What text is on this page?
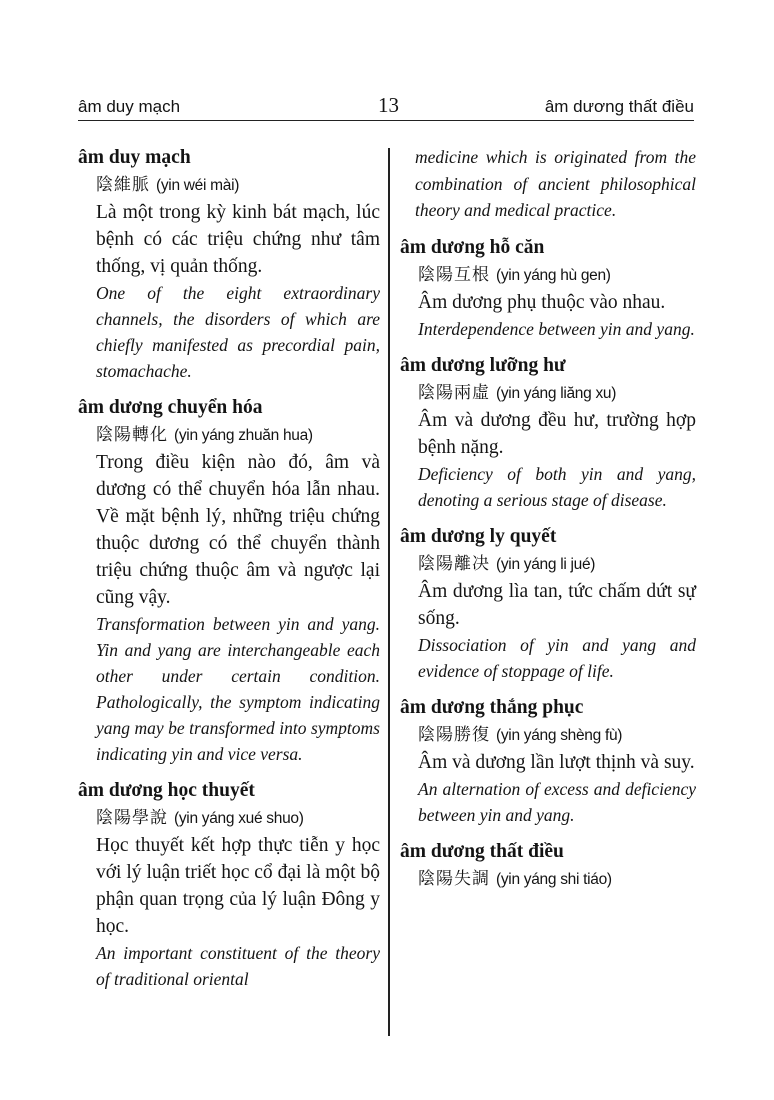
âm duy mạch	13	âm dương thất điều
âm duy mạch
陰維脈 (yin wéi mài)
Là một trong kỳ kinh bát mạch, lúc bệnh có các triệu chứng như tâm thống, vị quản thống.
One of the eight extraordinary channels, the disorders of which are chiefly manifested as precordial pain, stomachache.
âm dương chuyển hóa
陰陽轉化 (yin yáng zhuăn hua)
Trong điều kiện nào đó, âm và dương có thể chuyển hóa lẫn nhau. Về mặt bệnh lý, những triệu chứng thuộc dương có thể chuyển thành triệu chứng thuộc âm và ngược lại cũng vậy.
Transformation between yin and yang. Yin and yang are interchangeable each other under certain condition. Pathologically, the symptom indicating yang may be transformed into symptoms indicating yin and vice versa.
âm dương học thuyết
陰陽學說 (yin yáng xué shuo)
Học thuyết kết hợp thực tiễn y học với lý luận triết học cổ đại là một bộ phận quan trọng của lý luận Đông y học.
An important constituent of the theory of traditional oriental
medicine which is originated from the combination of ancient philosophical theory and medical practice.
âm dương hỗ căn
陰陽互根 (yin yáng hù gen)
Âm dương phụ thuộc vào nhau.
Interdependence between yin and yang.
âm dương lưỡng hư
陰陽兩虛 (yin yáng liăng xu)
Âm và dương đều hư, trường hợp bệnh nặng.
Deficiency of both yin and yang, denoting a serious stage of disease.
âm dương ly quyết
陰陽離决 (yin yáng li jué)
Âm dương lìa tan, tức chấm dứt sự sống.
Dissociation of yin and yang and evidence of stoppage of life.
âm dương thắng phục
陰陽勝復 (yin yáng shèng fù)
Âm và dương lần lượt thịnh và suy.
An alternation of excess and deficiency between yin and yang.
âm dương thất điều
陰陽失調 (yin yáng shi tiáo)
